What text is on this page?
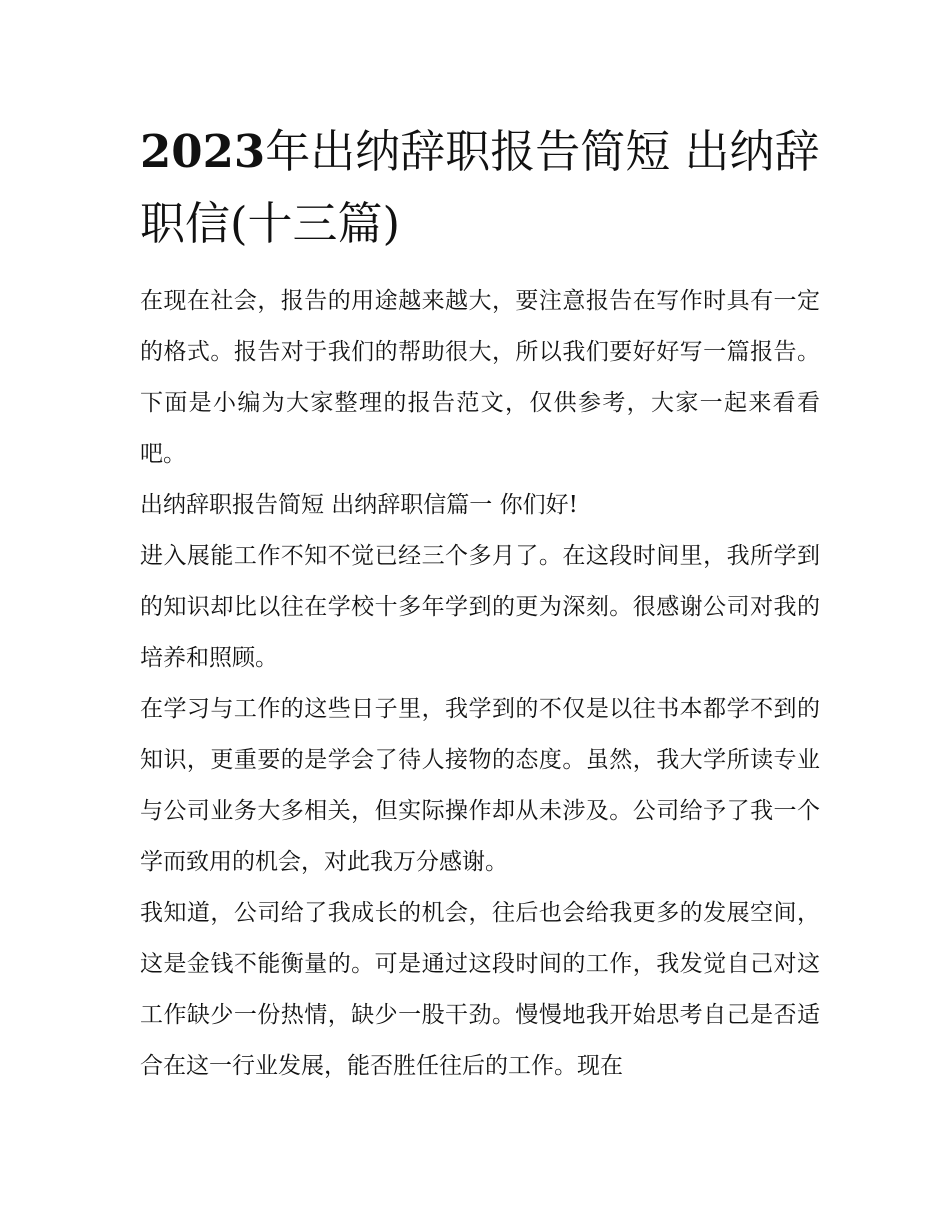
2023年出纳辞职报告简短 出纳辞职信(十三篇)

在现在社会，报告的用途越来越大，要注意报告在写作时具有一定的格式。报告对于我们的帮助很大，所以我们要好好写一篇报告。下面是小编为大家整理的报告范文，仅供参考，大家一起来看看吧。

出纳辞职报告简短 出纳辞职信篇一 你们好!

进入展能工作不知不觉已经三个多月了。在这段时间里，我所学到的知识却比以往在学校十多年学到的更为深刻。很感谢公司对我的培养和照顾。

在学习与工作的这些日子里，我学到的不仅是以往书本都学不到的知识，更重要的是学会了待人接物的态度。虽然，我大学所读专业与公司业务大多相关，但实际操作却从未涉及。公司给予了我一个学而致用的机会，对此我万分感谢。

我知道，公司给了我成长的机会，往后也会给我更多的发展空间，这是金钱不能衡量的。可是通过这段时间的工作，我发觉自己对这工作缺少一份热情，缺少一股干劲。慢慢地我开始思考自己是否适合在这一行业发展，能否胜任往后的工作。现在
